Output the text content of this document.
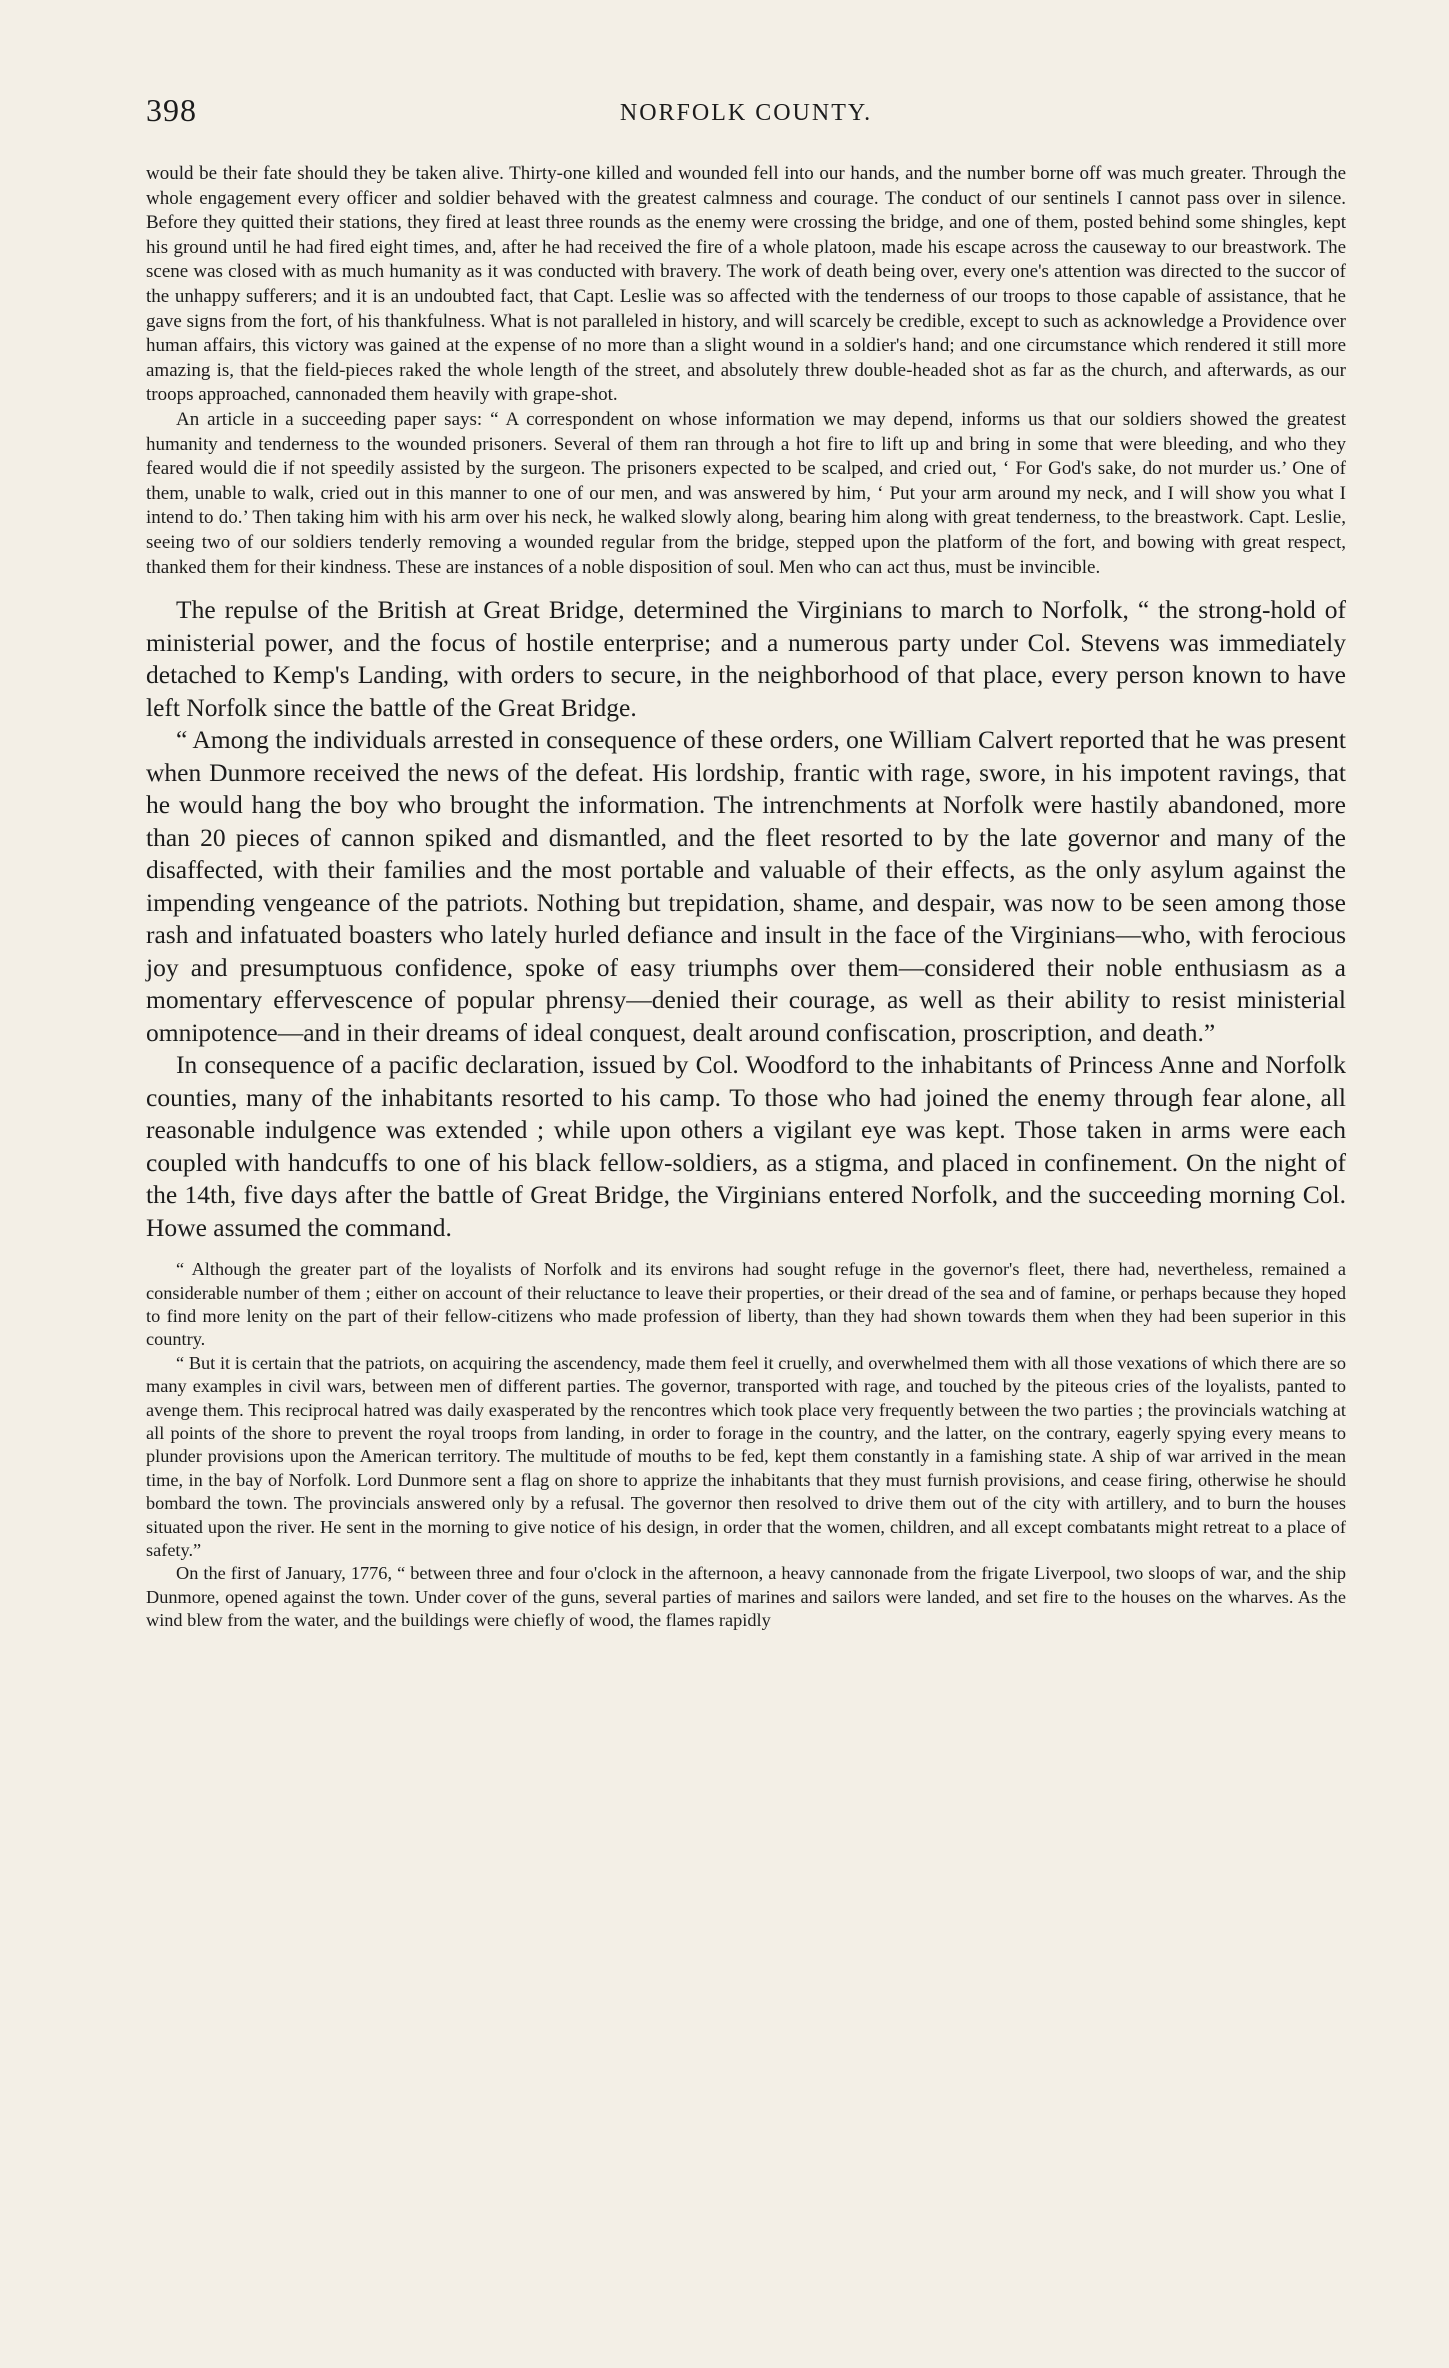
398	NORFOLK COUNTY.

would be their fate should they be taken alive. Thirty-one killed and wounded fell into our hands, and the number borne off was much greater. Through the whole engagement every officer and soldier behaved with the greatest calmness and courage. The conduct of our sentinels I cannot pass over in silence. Before they quitted their stations, they fired at least three rounds as the enemy were crossing the bridge, and one of them, posted behind some shingles, kept his ground until he had fired eight times, and, after he had received the fire of a whole platoon, made his escape across the causeway to our breastwork. The scene was closed with as much humanity as it was conducted with bravery. The work of death being over, every one's attention was directed to the succor of the unhappy sufferers; and it is an undoubted fact, that Capt. Leslie was so affected with the tenderness of our troops to those capable of assistance, that he gave signs from the fort, of his thankfulness. What is not paralleled in history, and will scarcely be credible, except to such as acknowledge a Providence over human affairs, this victory was gained at the expense of no more than a slight wound in a soldier's hand; and one circumstance which rendered it still more amazing is, that the field-pieces raked the whole length of the street, and absolutely threw double-headed shot as far as the church, and afterwards, as our troops approached, cannonaded them heavily with grape-shot.

An article in a succeeding paper says: “ A correspondent on whose information we may depend, informs us that our soldiers showed the greatest humanity and tenderness to the wounded prisoners. Several of them ran through a hot fire to lift up and bring in some that were bleeding, and who they feared would die if not speedily assisted by the surgeon. The prisoners expected to be scalped, and cried out, ‘ For God's sake, do not murder us.’ One of them, unable to walk, cried out in this manner to one of our men, and was answered by him, ‘ Put your arm around my neck, and I will show you what I intend to do.’ Then taking him with his arm over his neck, he walked slowly along, bearing him along with great tenderness, to the breastwork. Capt. Leslie, seeing two of our soldiers tenderly removing a wounded regular from the bridge, stepped upon the platform of the fort, and bowing with great respect, thanked them for their kindness. These are instances of a noble disposition of soul. Men who can act thus, must be invincible.

The repulse of the British at Great Bridge, determined the Virginians to march to Norfolk, “ the strong-hold of ministerial power, and the focus of hostile enterprise; and a numerous party under Col. Stevens was immediately detached to Kemp's Landing, with orders to secure, in the neighborhood of that place, every person known to have left Norfolk since the battle of the Great Bridge.

“ Among the individuals arrested in consequence of these orders, one William Calvert reported that he was present when Dunmore received the news of the defeat. His lordship, frantic with rage, swore, in his impotent ravings, that he would hang the boy who brought the information. The intrenchments at Norfolk were hastily abandoned, more than 20 pieces of cannon spiked and dismantled, and the fleet resorted to by the late governor and many of the disaffected, with their families and the most portable and valuable of their effects, as the only asylum against the impending vengeance of the patriots. Nothing but trepidation, shame, and despair, was now to be seen among those rash and infatuated boasters who lately hurled defiance and insult in the face of the Virginians—who, with ferocious joy and presumptuous confidence, spoke of easy triumphs over them—considered their noble enthusiasm as a momentary effervescence of popular phrensy—denied their courage, as well as their ability to resist ministerial omnipotence—and in their dreams of ideal conquest, dealt around confiscation, proscription, and death.”

In consequence of a pacific declaration, issued by Col. Woodford to the inhabitants of Princess Anne and Norfolk counties, many of the inhabitants resorted to his camp. To those who had joined the enemy through fear alone, all reasonable indulgence was extended ; while upon others a vigilant eye was kept. Those taken in arms were each coupled with handcuffs to one of his black fellow-soldiers, as a stigma, and placed in confinement. On the night of the 14th, five days after the battle of Great Bridge, the Virginians entered Norfolk, and the succeeding morning Col. Howe assumed the command.

“ Although the greater part of the loyalists of Norfolk and its environs had sought refuge in the governor's fleet, there had, nevertheless, remained a considerable number of them ; either on account of their reluctance to leave their properties, or their dread of the sea and of famine, or perhaps because they hoped to find more lenity on the part of their fellow-citizens who made profession of liberty, than they had shown towards them when they had been superior in this country.

“ But it is certain that the patriots, on acquiring the ascendency, made them feel it cruelly, and overwhelmed them with all those vexations of which there are so many examples in civil wars, between men of different parties. The governor, transported with rage, and touched by the piteous cries of the loyalists, panted to avenge them. This reciprocal hatred was daily exasperated by the rencontres which took place very frequently between the two parties ; the provincials watching at all points of the shore to prevent the royal troops from landing, in order to forage in the country, and the latter, on the contrary, eagerly spying every means to plunder provisions upon the American territory. The multitude of mouths to be fed, kept them constantly in a famishing state. A ship of war arrived in the mean time, in the bay of Norfolk. Lord Dunmore sent a flag on shore to apprize the inhabitants that they must furnish provisions, and cease firing, otherwise he should bombard the town. The provincials answered only by a refusal. The governor then resolved to drive them out of the city with artillery, and to burn the houses situated upon the river. He sent in the morning to give notice of his design, in order that the women, children, and all except combatants might retreat to a place of safety.”

On the first of January, 1776, “ between three and four o'clock in the afternoon, a heavy cannonade from the frigate Liverpool, two sloops of war, and the ship Dunmore, opened against the town. Under cover of the guns, several parties of marines and sailors were landed, and set fire to the houses on the wharves. As the wind blew from the water, and the buildings were chiefly of wood, the flames rapidly
